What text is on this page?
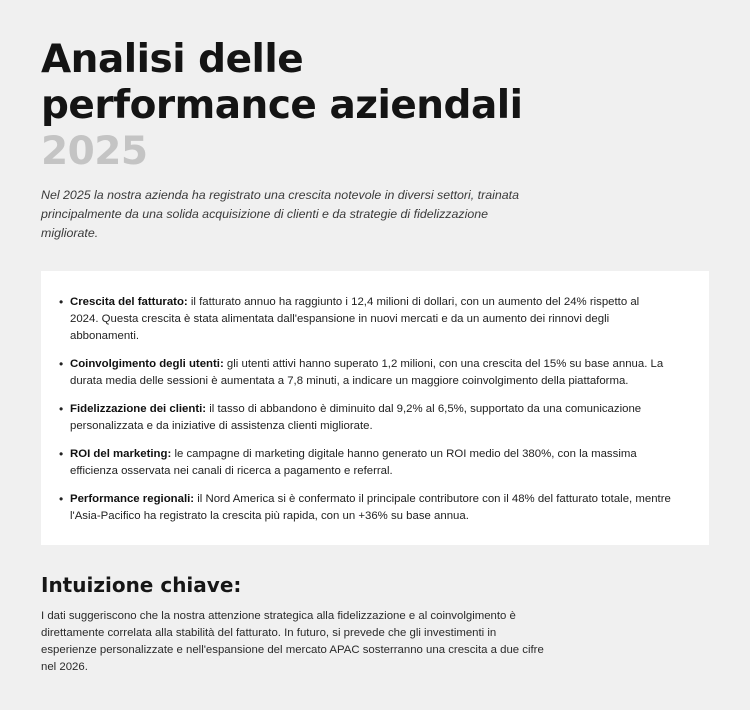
Analisi delle
performance aziendali
2025

Nel 2025 la nostra azienda ha registrato una crescita notevole in diversi settori, trainata principalmente da una solida acquisizione di clienti e da strategie di fidelizzazione migliorate.

• Crescita del fatturato: il fatturato annuo ha raggiunto i 12,4 milioni di dollari, con un aumento del 24% rispetto al 2024. Questa crescita è stata alimentata dall'espansione in nuovi mercati e da un aumento dei rinnovi degli abbonamenti.
• Coinvolgimento degli utenti: gli utenti attivi hanno superato 1,2 milioni, con una crescita del 15% su base annua. La durata media delle sessioni è aumentata a 7,8 minuti, a indicare un maggiore coinvolgimento della piattaforma.
• Fidelizzazione dei clienti: il tasso di abbandono è diminuito dal 9,2% al 6,5%, supportato da una comunicazione personalizzata e da iniziative di assistenza clienti migliorate.
• ROI del marketing: le campagne di marketing digitale hanno generato un ROI medio del 380%, con la massima efficienza osservata nei canali di ricerca a pagamento e referral.
• Performance regionali: il Nord America si è confermato il principale contributore con il 48% del fatturato totale, mentre l'Asia-Pacifico ha registrato la crescita più rapida, con un +36% su base annua.
Intuizione chiave:

I dati suggeriscono che la nostra attenzione strategica alla fidelizzazione e al coinvolgimento è direttamente correlata alla stabilità del fatturato. In futuro, si prevede che gli investimenti in esperienze personalizzate e nell'espansione del mercato APAC sosterranno una crescita a due cifre nel 2026.
